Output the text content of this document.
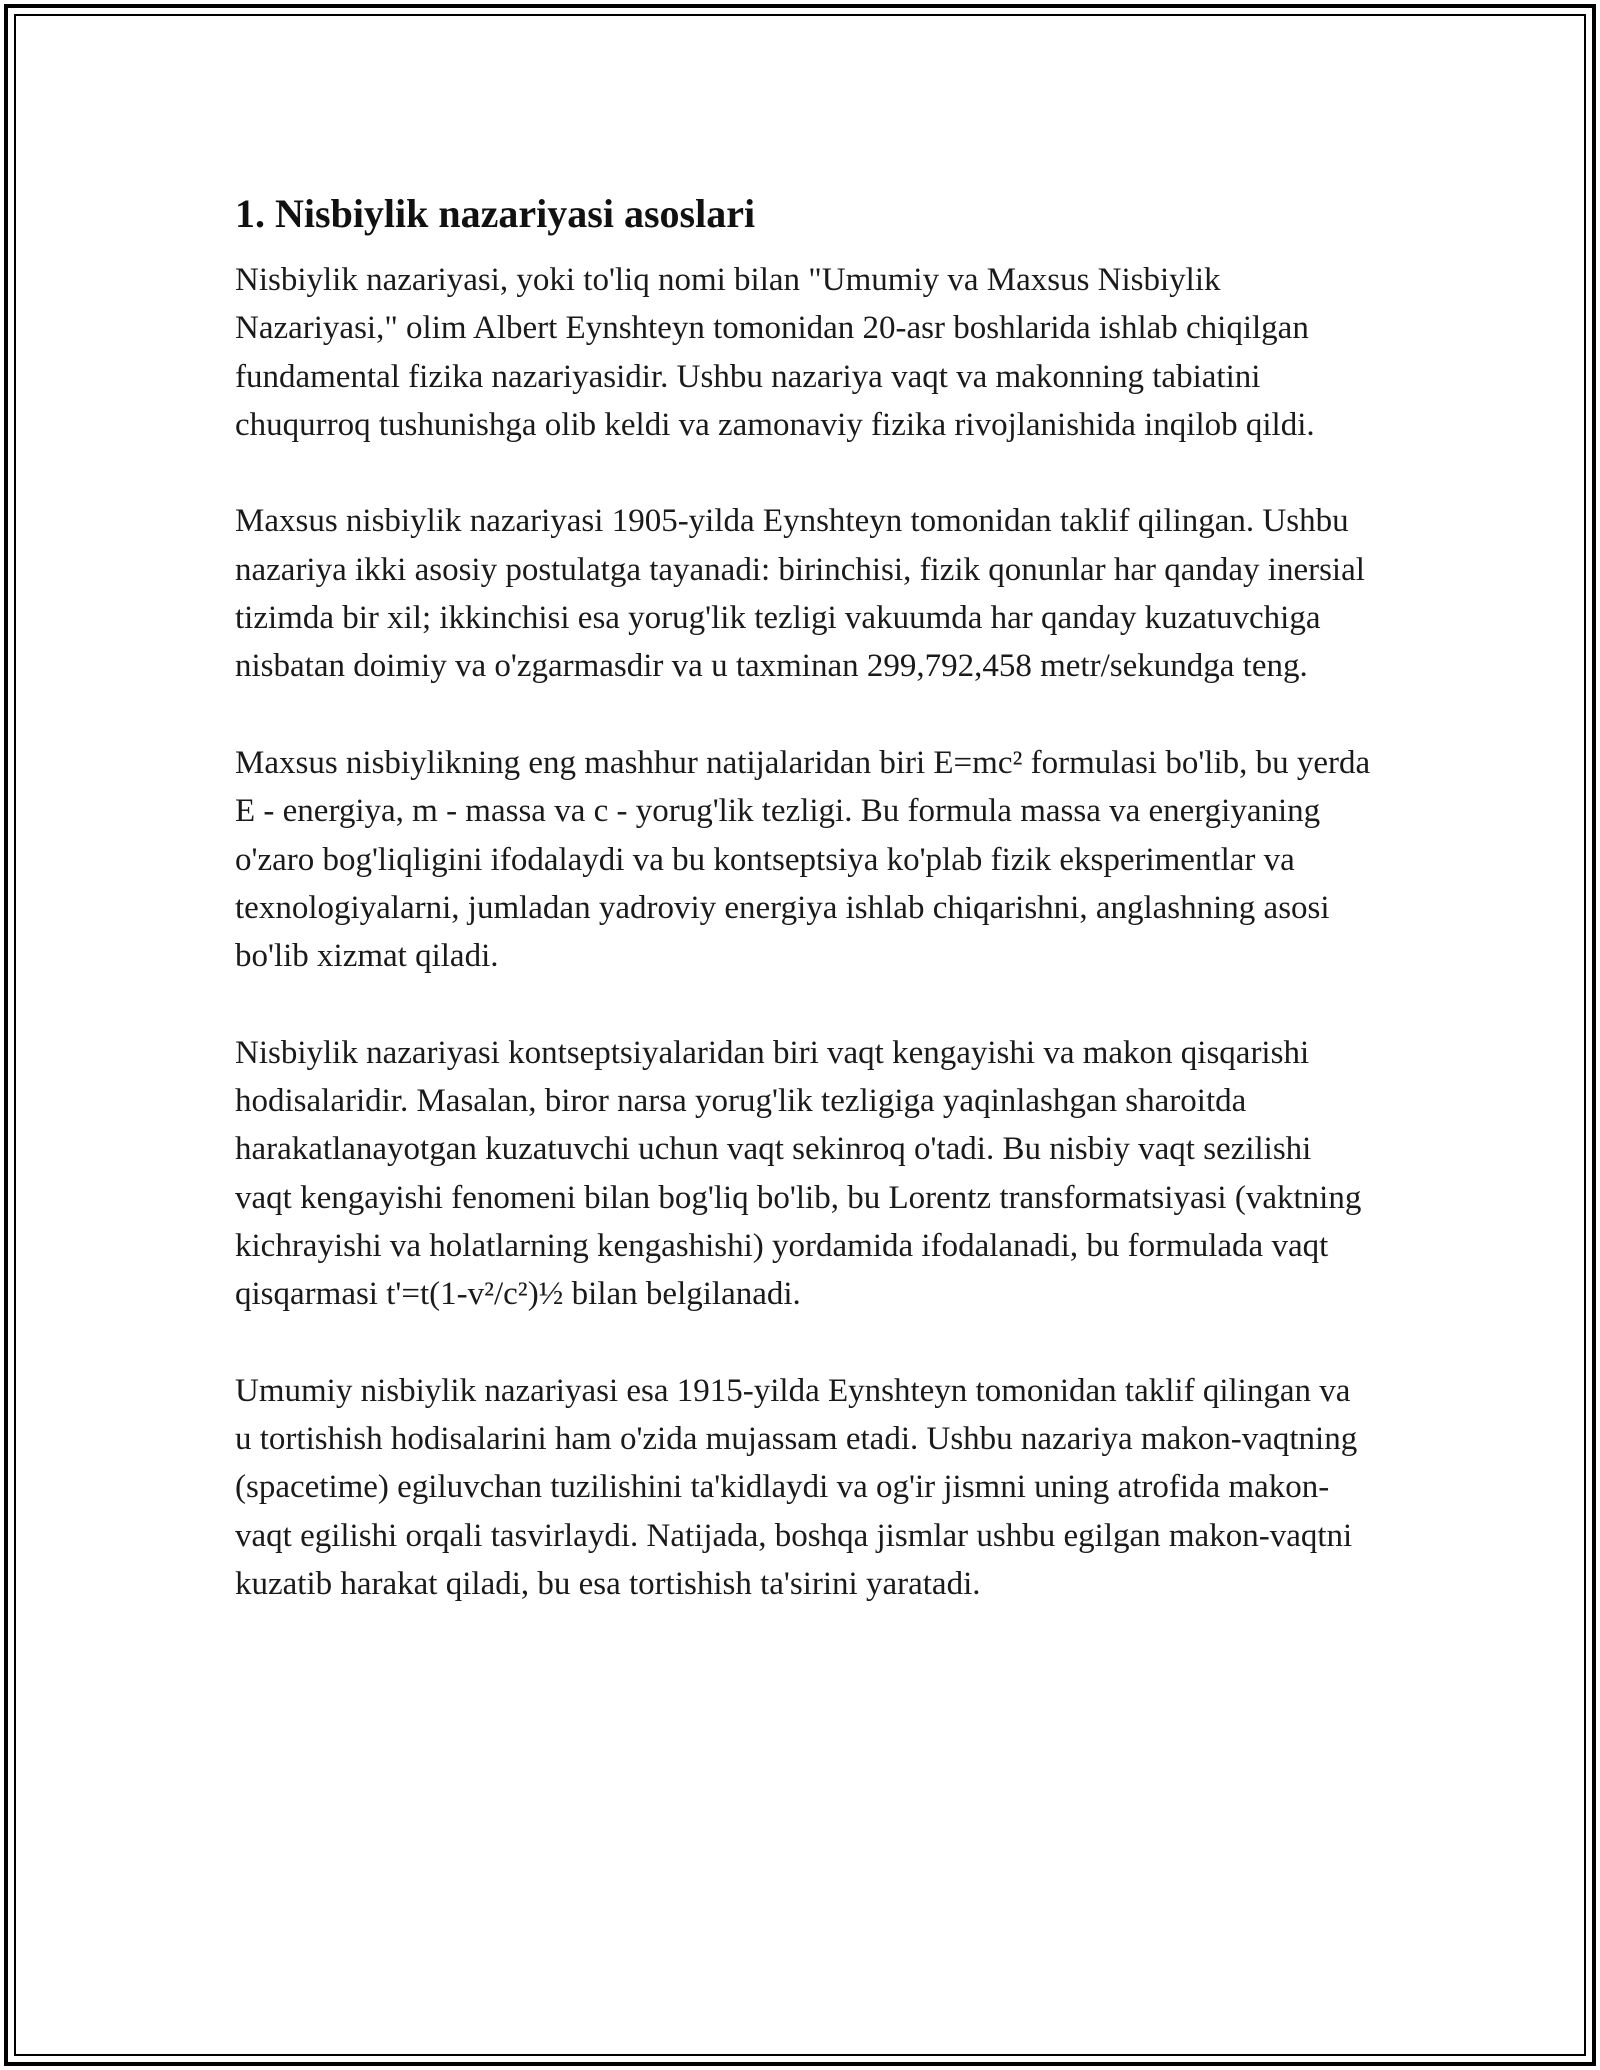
1. Nisbiylik nazariyasi asoslari

Nisbiylik nazariyasi, yoki to'liq nomi bilan "Umumiy va Maxsus Nisbiylik Nazariyasi," olim Albert Eynshteyn tomonidan 20-asr boshlarida ishlab chiqilgan fundamental fizika nazariyasidir. Ushbu nazariya vaqt va makonning tabiatini chuqurroq tushunishga olib keldi va zamonaviy fizika rivojlanishida inqilob qildi.

Maxsus nisbiylik nazariyasi 1905-yilda Eynshteyn tomonidan taklif qilingan. Ushbu nazariya ikki asosiy postulatga tayanadi: birinchisi, fizik qonunlar har qanday inersial tizimda bir xil; ikkinchisi esa yorug'lik tezligi vakuumda har qanday kuzatuvchiga nisbatan doimiy va o'zgarmasdir va u taxminan 299,792,458 metr/sekundga teng.

Maxsus nisbiylikning eng mashhur natijalaridan biri E=mc² formulasi bo'lib, bu yerda E - energiya, m - massa va c - yorug'lik tezligi. Bu formula massa va energiyaning o'zaro bog'liqligini ifodalaydi va bu kontseptsiya ko'plab fizik eksperimentlar va texnologiyalarni, jumladan yadroviy energiya ishlab chiqarishni, anglashning asosi bo'lib xizmat qiladi.

Nisbiylik nazariyasi kontseptsiyalaridan biri vaqt kengayishi va makon qisqarishi hodisalaridir. Masalan, biror narsa yorug'lik tezligiga yaqinlashgan sharoitda harakatlanayotgan kuzatuvchi uchun vaqt sekinroq o'tadi. Bu nisbiy vaqt sezilishi vaqt kengayishi fenomeni bilan bog'liq bo'lib, bu Lorentz transformatsiyasi (vaktning kichrayishi va holatlarning kengashishi) yordamida ifodalanadi, bu formulada vaqt qisqarmasi t'=t(1-v²/c²)½ bilan belgilanadi.

Umumiy nisbiylik nazariyasi esa 1915-yilda Eynshteyn tomonidan taklif qilingan va u tortishish hodisalarini ham o'zida mujassam etadi. Ushbu nazariya makon-vaqtning (spacetime) egiluvchan tuzilishini ta'kidlaydi va og'ir jismni uning atrofida makon-vaqt egilishi orqali tasvirlaydi. Natijada, boshqa jismlar ushbu egilgan makon-vaqtni kuzatib harakat qiladi, bu esa tortishish ta'sirini yaratadi.
